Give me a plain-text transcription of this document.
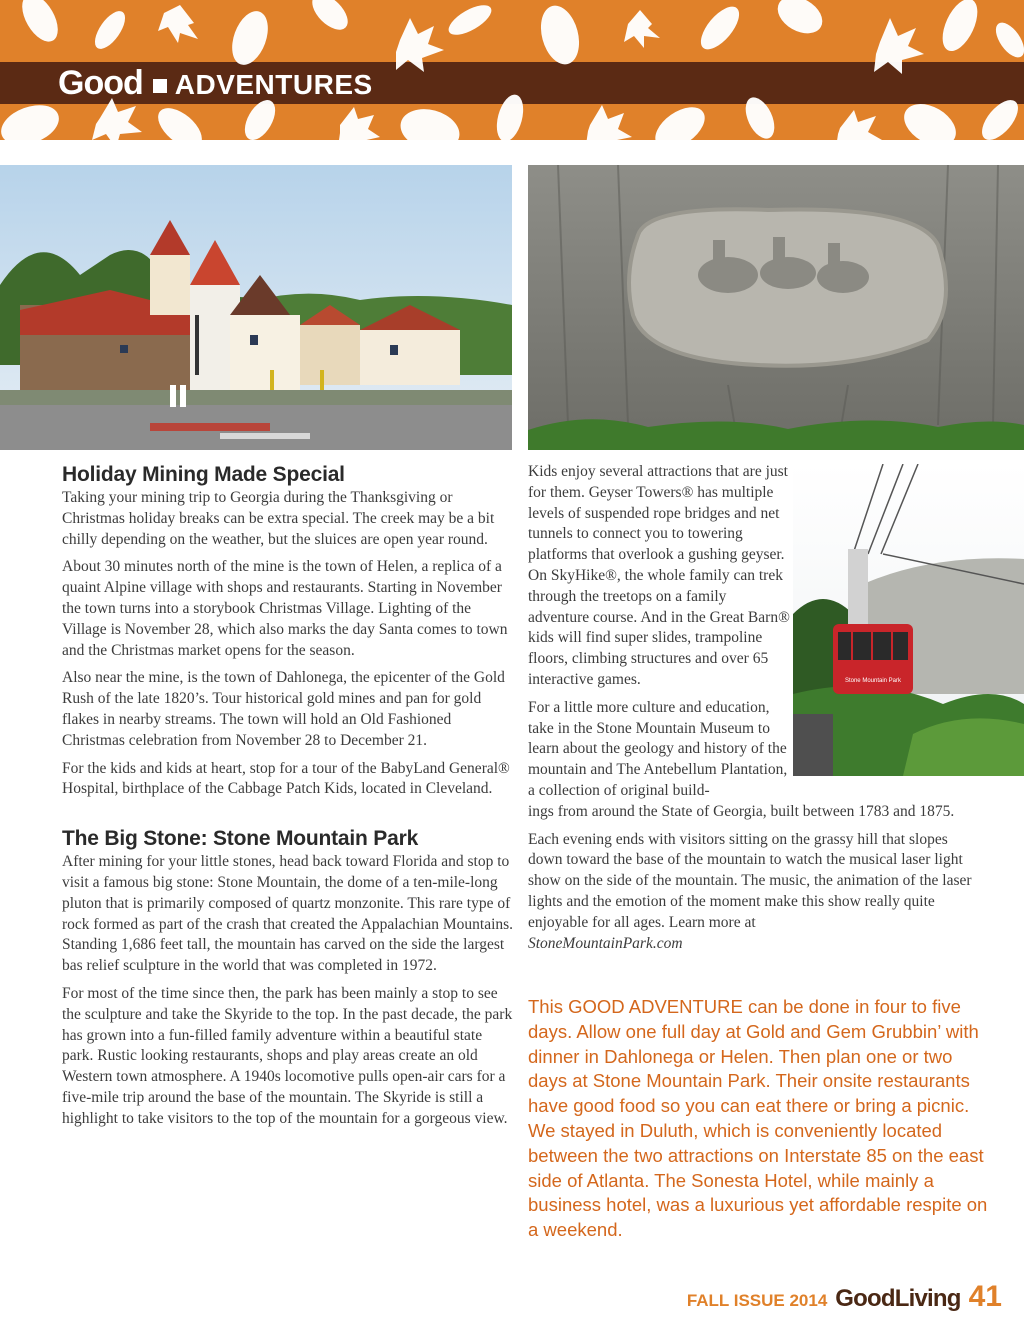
Good ADVENTURES
Stone Mountain Park
Holiday Mining Made Special

Taking your mining trip to Georgia during the Thanksgiving or Christmas holiday breaks can be extra special. The creek may be a bit chilly depending on the weather, but the sluices are open year round.

About 30 minutes north of the mine is the town of Helen, a replica of a quaint Alpine village with shops and restaurants. Starting in November the town turns into a storybook Christmas Village. Lighting of the Village is November 28, which also marks the day Santa comes to town and the Christmas market opens for the season.

Also near the mine, is the town of Dahlonega, the epicenter of the Gold Rush of the late 1820’s. Tour historical gold mines and pan for gold flakes in nearby streams. The town will hold an Old Fashioned Christmas celebration from November 28 to December 21.

For the kids and kids at heart, stop for a tour of the BabyLand General® Hospital, birthplace of the Cabbage Patch Kids, located in Cleveland.

The Big Stone: Stone Mountain Park

After mining for your little stones, head back toward Florida and stop to visit a famous big stone: Stone Mountain, the dome of a ten-mile-long pluton that is primarily composed of quartz monzonite. This rare type of rock formed as part of the crash that created the Appalachian Mountains. Standing 1,686 feet tall, the mountain has carved on the side the largest bas relief sculpture in the world that was completed in 1972.

For most of the time since then, the park has been mainly a stop to see the sculpture and take the Skyride to the top. In the past decade, the park has grown into a fun-filled family adventure within a beautiful state park. Rustic looking restaurants, shops and play areas create an old Western town atmosphere. A 1940s locomotive pulls open-air cars for a five-mile trip around the base of the mountain. The Skyride is still a highlight to take visitors to the top of the mountain for a gorgeous view.

Kids enjoy several attractions that are just for them. Geyser Towers® has multiple levels of suspended rope bridges and net tunnels to connect you to towering platforms that overlook a gushing geyser. On SkyHike®, the whole family can trek through the treetops on a family adventure course. And in the Great Barn® kids will find super slides, trampoline floors, climbing structures and over 65 interactive games.

For a little more culture and education, take in the Stone Mountain Museum to learn about the geology and history of the mountain and The Antebellum Plantation, a collection of original build-
ings from around the State of Georgia, built between 1783 and 1875.

Each evening ends with visitors sitting on the grassy hill that slopes down toward the base of the mountain to watch the musical laser light show on the side of the mountain. The music, the animation of the laser lights and the emotion of the moment make this show really quite enjoyable for all ages. Learn more at
StoneMountainPark.com

This GOOD ADVENTURE can be done in four to five days. Allow one full day at Gold and Gem Grubbin’ with dinner in Dahlonega or Helen. Then plan one or two days at Stone Mountain Park. Their onsite restaurants have good food so you can eat there or bring a picnic. We stayed in Duluth, which is conveniently located between the two attractions on Interstate 85 on the east side of Atlanta. The Sonesta Hotel, while mainly a business hotel, was a luxurious yet affordable respite on a weekend.
FALL ISSUE 2014 GoodLiving 41
